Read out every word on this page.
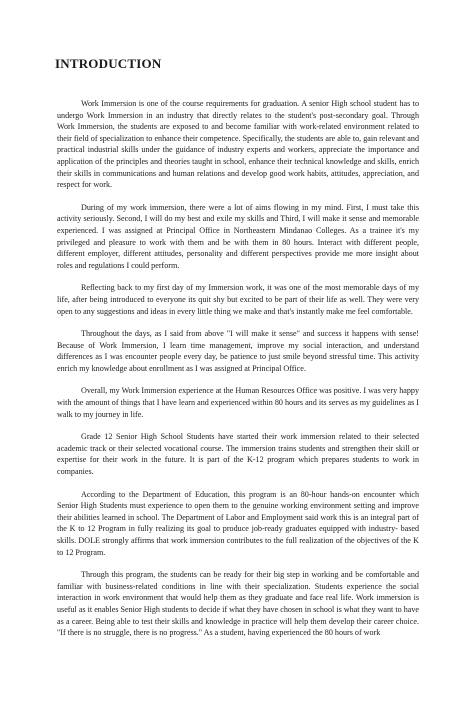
INTRODUCTION

Work Immersion is one of the course requirements for graduation. A senior High school student has to undergo Work Immersion in an industry that directly relates to the student's post-secondary goal. Through Work Immersion, the students are exposed to and become familiar with work-related environment related to their field of specialization to enhance their competence. Specifically, the students are able to, gain relevant and practical industrial skills under the guidance of industry experts and workers, appreciate the importance and application of the principles and theories taught in school, enhance their technical knowledge and skills, enrich their skills in communications and human relations and develop good work habits, attitudes, appreciation, and respect for work.

During of my work immersion, there were a lot of aims flowing in my mind. First, I must take this activity seriously. Second, I will do my best and exile my skills and Third, I will make it sense and memorable experienced. I was assigned at Principal Office in Northeastern Mindanao Colleges. As a trainee it's my privileged and pleasure to work with them and be with them in 80 hours. Interact with different people, different employer, different attitudes, personality and different perspectives provide me more insight about roles and regulations I could perform.

Reflecting back to my first day of my Immersion work, it was one of the most memorable days of my life, after being introduced to everyone its quit shy but excited to be part of their life as well. They were very open to any suggestions and ideas in every little thing we make and that's instantly make me feel comfortable.

Throughout the days, as I said from above "I will make it sense" and success it happens with sense! Because of Work Immersion, I learn time management, improve my social interaction, and understand differences as I was encounter people every day, be patience to just smile beyond stressful time. This activity enrich my knowledge about enrollment as I was assigned at Principal Office.

Overall, my Work Immersion experience at the Human Resources Office was positive. I was very happy with the amount of things that I have learn and experienced within 80 hours and its serves as my guidelines as I walk to my journey in life.

Grade 12 Senior High School Students have started their work immersion related to their selected academic track or their selected vocational course. The immersion trains students and strengthen their skill or expertise for their work in the future. It is part of the K-12 program which prepares students to work in companies.

According to the Department of Education, this program is an 80-hour hands-on encounter which Senior High Students must experience to open them to the genuine working environment setting and improve their abilities learned in school. The Department of Labor and Employment said work this is an integral part of the K to 12 Program in fully realizing its goal to produce job-ready graduates equipped with industry- based skills. DOLE strongly affirms that work immersion contributes to the full realization of the objectives of the K to 12 Program.

Through this program, the students can be ready for their big step in working and be comfortable and familiar with business-related conditions in line with their specialization. Students experience the social interaction in work environment that would help them as they graduate and face real life. Work immersion is useful as it enables Senior High students to decide if what they have chosen in school is what they want to have as a career. Being able to test their skills and knowledge in practice will help them develop their career choice. "If there is no struggle, there is no progress." As a student, having experienced the 80 hours of work
